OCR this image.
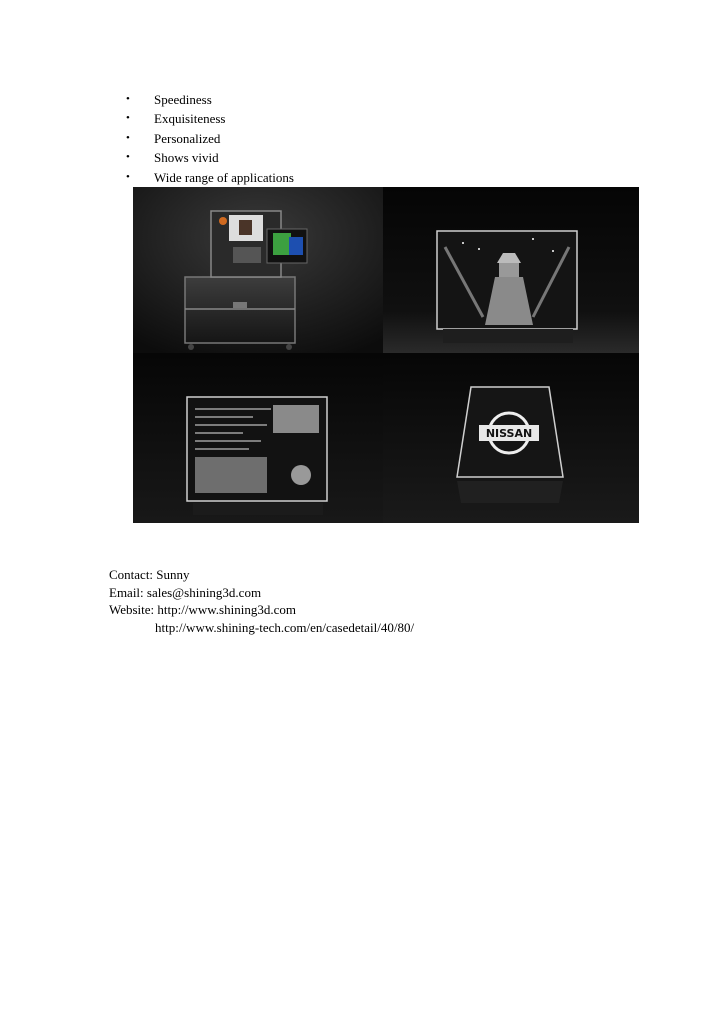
•	Speediness
•	Exquisiteness
•	Personalized
•	Shows vivid
•	Wide range of applications
NISSAN
Contact: Sunny
Email: sales@shining3d.com
Website: http://www.shining3d.com
http://www.shining-tech.com/en/casedetail/40/80/
